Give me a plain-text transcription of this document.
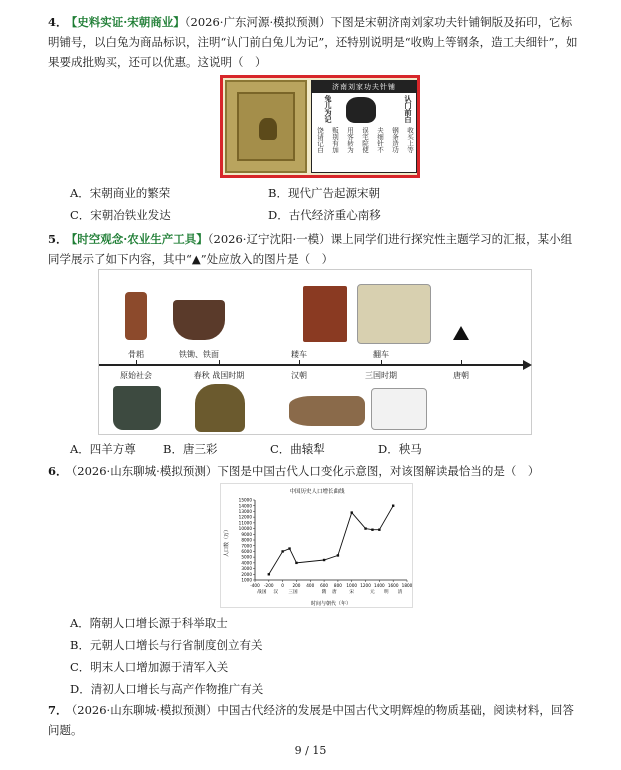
4． 【史料实证·宋朝商业】（2026·广东河源·模拟预测）下图是宋朝济南刘家功夫针铺铜版及拓印，它标明铺号，以白兔为商品标识，注明“认门前白兔儿为记”，还特别说明是“收购上等钢条，造工夫细针”，如果要成批购买，还可以优惠。这说明（　）
济南刘家功夫针铺
兔儿为记	认门前白
收买上等
钢条造功
夫细针不
误宅院使
用客转为
贩别有加
饶请记白
A．宋朝商业的繁荣	B．现代广告起源宋朝
C．宋朝冶铁业发达	D．古代经济重心南移
5． 【时空观念·农业生产工具】（2026·辽宁沈阳·一模）课上同学们进行探究性主题学习的汇报，某小组同学展示了如下内容，其中“▲”处应放入的图片是（　）
骨耜	铁锄、铁面	耧车	翻车
原始社会	春秋 战国时期	汉朝	三国时期	唐朝
A．四羊方尊 B．唐三彩	C．曲辕犁	D．秧马
6． （2026·山东聊城·模拟预测）下图是中国古代人口变化示意图，对该图解读最恰当的是（　）
中国历史人口增长曲线
人口数（万）
时间与朝代（年）
1000
2000
3000
4000
5000
6000
7000
8000
9000
10000
11000
12000
13000
14000
15000
-400 -200 0 200 400 600 800 1000 1200 1400 1600 1800
战国 汉 三国	隋 唐	宋	元 明 清
A．隋朝人口增长源于科举取士
B．元朝人口增长与行省制度创立有关
C．明末人口增加源于清军入关
D．清初人口增长与高产作物推广有关
7． （2026·山东聊城·模拟预测）中国古代经济的发展是中国古代文明辉煌的物质基础，阅读材料，回答问题。
9 / 15
